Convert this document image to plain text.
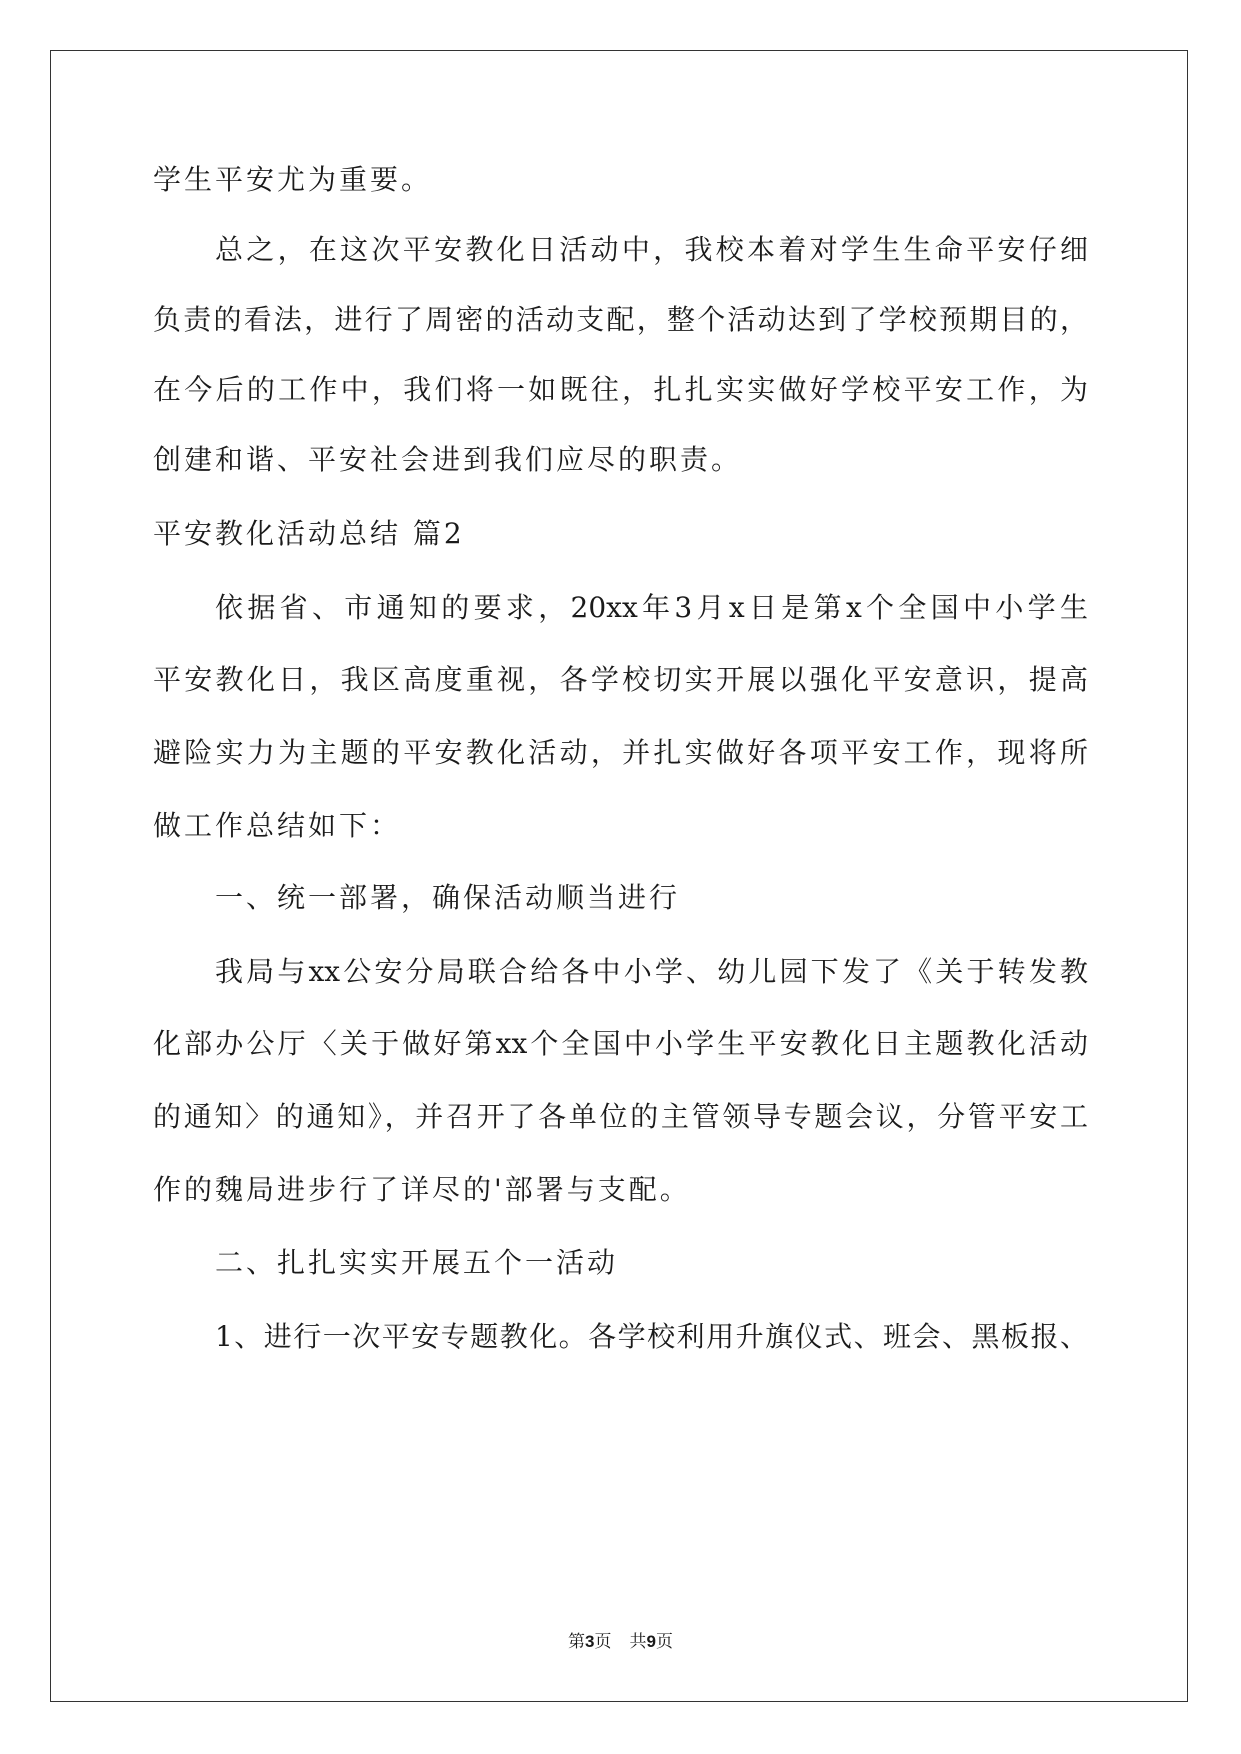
学生平安尤为重要。
总之，在这次平安教化日活动中，我校本着对学生生命平安仔细
负责的看法，进行了周密的活动支配，整个活动达到了学校预期目的，
在今后的工作中，我们将一如既往，扎扎实实做好学校平安工作，为
创建和谐、平安社会进到我们应尽的职责。
平安教化活动总结 篇2
依据省、市通知的要求，20xx年3月x日是第x个全国中小学生
平安教化日，我区高度重视，各学校切实开展以强化平安意识，提高
避险实力为主题的平安教化活动，并扎实做好各项平安工作，现将所
做工作总结如下：
一、统一部署，确保活动顺当进行
我局与xx公安分局联合给各中小学、幼儿园下发了《关于转发教
化部办公厅〈关于做好第xx个全国中小学生平安教化日主题教化活动
的通知〉的通知》，并召开了各单位的主管领导专题会议，分管平安工
作的魏局进步行了详尽的'部署与支配。
二、扎扎实实开展五个一活动
1、进行一次平安专题教化。各学校利用升旗仪式、班会、黑板报、
第3页 共9页
